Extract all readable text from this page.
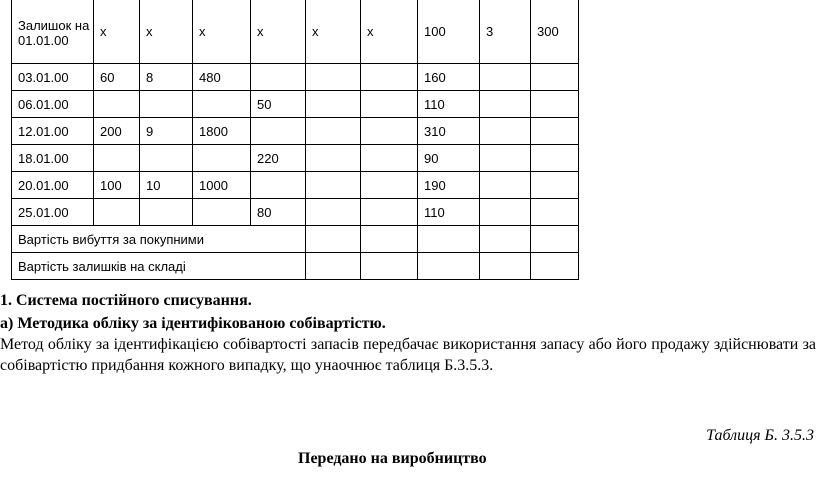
Залишок на 01.01.00	х	х	х	х	х	х	100	3	300
03.01.00	60	8	480				160		
06.01.00				50			110		
12.01.00	200	9	1800				310		
18.01.00				220			90		
20.01.00	100	10	1000				190		
25.01.00				80			110		
Вартість вибуття за покупними									
Вартість залишків на складі									
1. Система постійного списування.
а) Методика обліку за ідентифікованою собівартістю.
Метод обліку за ідентифікацією собівартості запасів передбачає використання запасу або його продажу здійснювати за собівартістю придбання кожного випадку, що унаочнює таблиця Б.3.5.3.
Таблиця Б. 3.5.3
Передано на виробництво
